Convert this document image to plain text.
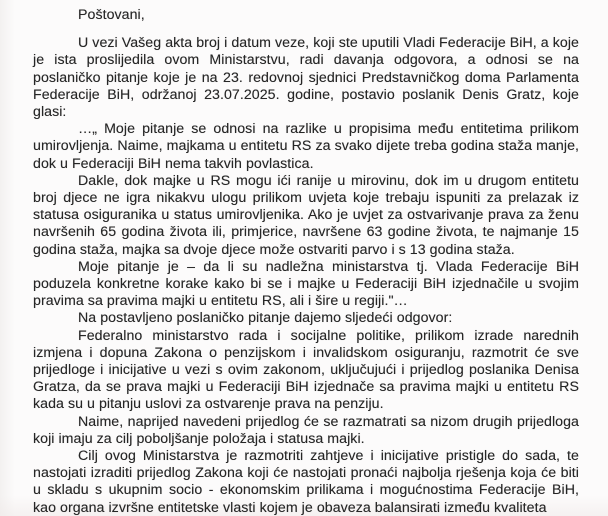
Poštovani,

U vezi Vašeg akta broj i datum veze, koji ste uputili Vladi Federacije BiH, a koje je ista proslijedila ovom Ministarstvu, radi davanja odgovora, a odnosi se na poslaničko pitanje koje je na 23. redovnoj sjednici Predstavničkog doma Parlamenta Federacije BiH, održanoj 23.07.2025. godine, postavio poslanik Denis Gratz, koje glasi:

…„ Moje pitanje se odnosi na razlike u propisima među entitetima prilikom umirovljenja. Naime, majkama u entitetu RS za svako dijete treba godina staža manje, dok u Federaciji BiH nema takvih povlastica.

Dakle, dok majke u RS mogu ići ranije u mirovinu, dok im u drugom entitetu broj djece ne igra nikakvu ulogu prilikom uvjeta koje trebaju ispuniti za prelazak iz statusa osiguranika u status umirovljenika. Ako je uvjet za ostvarivanje prava za ženu navršenih 65 godina života ili, primjerice, navršene 63 godine života, te najmanje 15 godina staža, majka sa dvoje djece može ostvariti parvo i s 13 godina staža.

Moje pitanje je – da li su nadležna ministarstva tj. Vlada Federacije BiH poduzela konkretne korake kako bi se i majke u Federaciji BiH izjednačile u svojim pravima sa pravima majki u entitetu RS, ali i šire u regiji."…

Na postavljeno poslaničko pitanje dajemo sljedeći odgovor:

Federalno ministarstvo rada i socijalne politike, prilikom izrade narednih izmjena i dopuna Zakona o penzijskom i invalidskom osiguranju, razmotrit će sve prijedloge i inicijative u vezi s ovim zakonom, uključujući i prijedlog poslanika Denisa Gratza, da se prava majki u Federaciji BiH izjednače sa pravima majki u entitetu RS kada su u pitanju uslovi za ostvarenje prava na penziju.

Naime, naprijed navedeni prijedlog će se razmatrati sa nizom drugih prijedloga koji imaju za cilj poboljšanje položaja i statusa majki.

Cilj ovog Ministarstva je razmotriti zahtjeve i inicijative pristigle do sada, te nastojati izraditi prijedlog Zakona koji će nastojati pronaći najbolja rješenja koja će biti u skladu s ukupnim socio - ekonomskim prilikama i mogućnostima Federacije BiH, kao organa izvršne entitetske vlasti kojem je obaveza balansirati između kvaliteta
